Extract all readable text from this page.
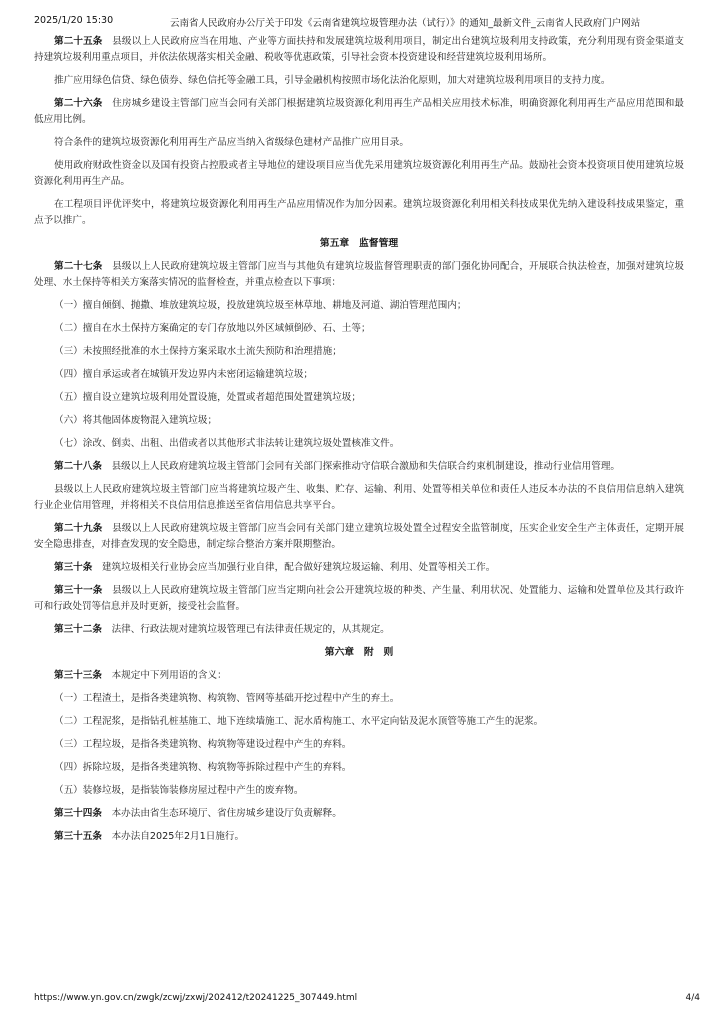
2025/1/20 15:30	云南省人民政府办公厅关于印发《云南省建筑垃圾管理办法（试行）》的通知_最新文件_云南省人民政府门户网站

第二十五条　 县级以上人民政府应当在用地、产业等方面扶持和发展建筑垃圾利用项目，制定出台建筑垃圾利用支持政策，充分利用现有资金渠道支持建筑垃圾利用重点项目，并依法依规落实相关金融、税收等优惠政策，引导社会资本投资建设和经营建筑垃圾利用场所。

推广应用绿色信贷、绿色债券、绿色信托等金融工具，引导金融机构按照市场化法治化原则，加大对建筑垃圾利用项目的支持力度。

第二十六条　 住房城乡建设主管部门应当会同有关部门根据建筑垃圾资源化利用再生产品相关应用技术标准，明确资源化利用再生产品应用范围和最低应用比例。

符合条件的建筑垃圾资源化利用再生产品应当纳入省级绿色建材产品推广应用目录。

使用政府财政性资金以及国有投资占控股或者主导地位的建设项目应当优先采用建筑垃圾资源化利用再生产品。鼓励社会资本投资项目使用建筑垃圾资源化利用再生产品。

在工程项目评优评奖中，将建筑垃圾资源化利用再生产品应用情况作为加分因素。建筑垃圾资源化利用相关科技成果优先纳入建设科技成果鉴定，重点予以推广。

第五章　监督管理

第二十七条　 县级以上人民政府建筑垃圾主管部门应当与其他负有建筑垃圾监督管理职责的部门强化协同配合，开展联合执法检查，加强对建筑垃圾处理、水土保持等相关方案落实情况的监督检查，并重点检查以下事项：

（一）擅自倾倒、抛撒、堆放建筑垃圾，投放建筑垃圾至林草地、耕地及河道、湖泊管理范围内；

（二）擅自在水土保持方案确定的专门存放地以外区域倾倒砂、石、土等；

（三）未按照经批准的水土保持方案采取水土流失预防和治理措施；

（四）擅自承运或者在城镇开发边界内未密闭运输建筑垃圾；

（五）擅自设立建筑垃圾利用处置设施，处置或者超范围处置建筑垃圾；

（六）将其他固体废物混入建筑垃圾；

（七）涂改、倒卖、出租、出借或者以其他形式非法转让建筑垃圾处置核准文件。

第二十八条　 县级以上人民政府建筑垃圾主管部门会同有关部门探索推动守信联合激励和失信联合约束机制建设，推动行业信用管理。

县级以上人民政府建筑垃圾主管部门应当将建筑垃圾产生、收集、贮存、运输、利用、处置等相关单位和责任人违反本办法的不良信用信息纳入建筑行业企业信用管理，并将相关不良信用信息推送至省信用信息共享平台。

第二十九条　 县级以上人民政府建筑垃圾主管部门应当会同有关部门建立建筑垃圾处置全过程安全监管制度，压实企业安全生产主体责任，定期开展安全隐患排查，对排查发现的安全隐患，制定综合整治方案并限期整治。

第三十条　 建筑垃圾相关行业协会应当加强行业自律，配合做好建筑垃圾运输、利用、处置等相关工作。

第三十一条　 县级以上人民政府建筑垃圾主管部门应当定期向社会公开建筑垃圾的种类、产生量、利用状况、处置能力、运输和处置单位及其行政许可和行政处罚等信息并及时更新，接受社会监督。

第三十二条　 法律、行政法规对建筑垃圾管理已有法律责任规定的，从其规定。

第六章　附　则

第三十三条　 本规定中下列用语的含义：

（一）工程渣土，是指各类建筑物、构筑物、管网等基础开挖过程中产生的弃土。

（二）工程泥浆，是指钻孔桩基施工、地下连续墙施工、泥水盾构施工、水平定向钻及泥水顶管等施工产生的泥浆。

（三）工程垃圾，是指各类建筑物、构筑物等建设过程中产生的弃料。

（四）拆除垃圾，是指各类建筑物、构筑物等拆除过程中产生的弃料。

（五）装修垃圾，是指装饰装修房屋过程中产生的废弃物。

第三十四条　 本办法由省生态环境厅、省住房城乡建设厅负责解释。

第三十五条　 本办法自2025年2月1日施行。

https://www.yn.gov.cn/zwgk/zcwj/zxwj/202412/t20241225_307449.html	4/4
